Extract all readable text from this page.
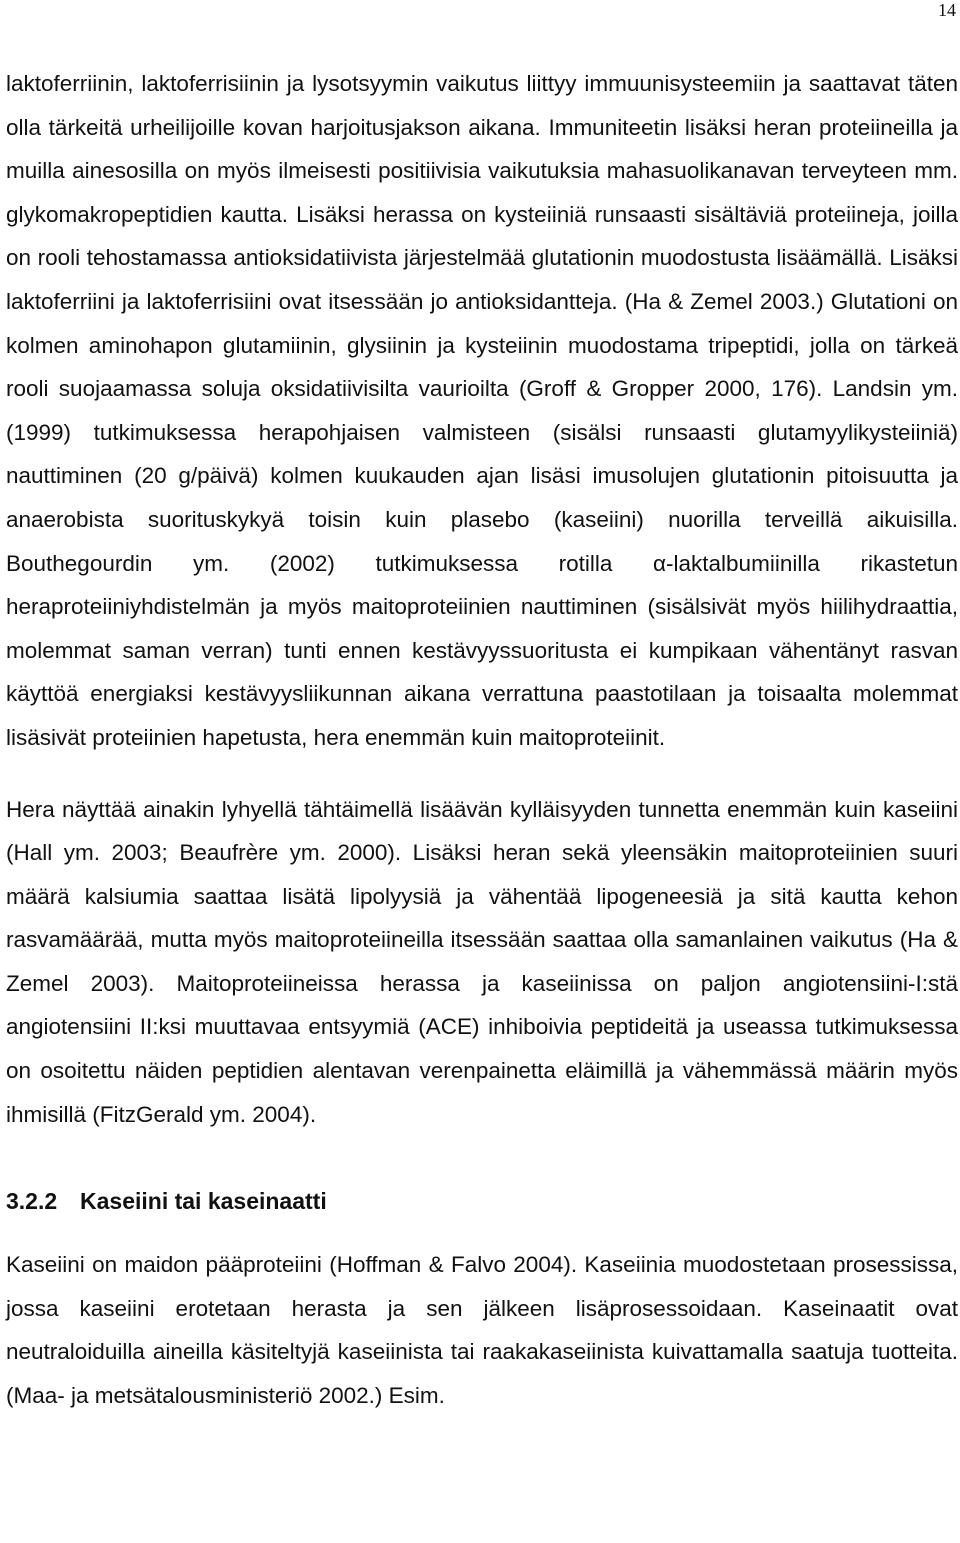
14

laktoferriinin, laktoferrisiinin ja lysotsyymin vaikutus liittyy immuunisysteemiin ja saattavat täten olla tärkeitä urheilijoille kovan harjoitusjakson aikana. Immuniteetin lisäksi heran proteiineilla ja muilla ainesosilla on myös ilmeisesti positiivisia vaikutuksia mahasuolikanavan terveyteen mm. glykomakropeptidien kautta. Lisäksi herassa on kysteiiniä runsaasti sisältäviä proteiineja, joilla on rooli tehostamassa antioksidatiivista järjestelmää glutationin muodostusta lisäämällä. Lisäksi laktoferriini ja laktoferrisiini ovat itsessään jo antioksidantteja. (Ha & Zemel 2003.) Glutationi on kolmen aminohapon glutamiinin, glysiinin ja kysteiinin muodostama tripeptidi, jolla on tärkeä rooli suojaamassa soluja oksidatiivisilta vaurioilta (Groff & Gropper 2000, 176). Landsin ym. (1999) tutkimuksessa herapohjaisen valmisteen (sisälsi runsaasti glutamyylikysteiiniä) nauttiminen (20 g/päivä) kolmen kuukauden ajan lisäsi imusolujen glutationin pitoisuutta ja anaerobista suorituskykyä toisin kuin plasebo (kaseiini) nuorilla terveillä aikuisilla. Bouthegourdin ym. (2002) tutkimuksessa rotilla α-laktalbumiinilla rikastetun heraproteiiniyhdistelmän ja myös maitoproteiinien nauttiminen (sisälsivät myös hiilihydraattia, molemmat saman verran) tunti ennen kestävyyssuoritusta ei kumpikaan vähentänyt rasvan käyttöä energiaksi kestävyysliikunnan aikana verrattuna paastotilaan ja toisaalta molemmat lisäsivät proteiinien hapetusta, hera enemmän kuin maitoproteiinit.

Hera näyttää ainakin lyhyellä tähtäimellä lisäävän kylläisyyden tunnetta enemmän kuin kaseiini (Hall ym. 2003; Beaufrère ym. 2000). Lisäksi heran sekä yleensäkin maitoproteiinien suuri määrä kalsiumia saattaa lisätä lipolyysiä ja vähentää lipogeneesiä ja sitä kautta kehon rasvamäärää, mutta myös maitoproteiineilla itsessään saattaa olla samanlainen vaikutus (Ha & Zemel 2003). Maitoproteiineissa herassa ja kaseiinissa on paljon angiotensiini-I:stä angiotensiini II:ksi muuttavaa entsyymiä (ACE) inhiboivia peptideitä ja useassa tutkimuksessa on osoitettu näiden peptidien alentavan verenpainetta eläimillä ja vähemmässä määrin myös ihmisillä (FitzGerald ym. 2004).

3.2.2 Kaseiini tai kaseinaatti

Kaseiini on maidon pääproteiini (Hoffman & Falvo 2004). Kaseiinia muodostetaan prosessissa, jossa kaseiini erotetaan herasta ja sen jälkeen lisäprosessoidaan. Kaseinaatit ovat neutraloiduilla aineilla käsiteltyjä kaseiinista tai raakakaseiinista kuivattamalla saatuja tuotteita. (Maa- ja metsätalousministeriö 2002.) Esim.
